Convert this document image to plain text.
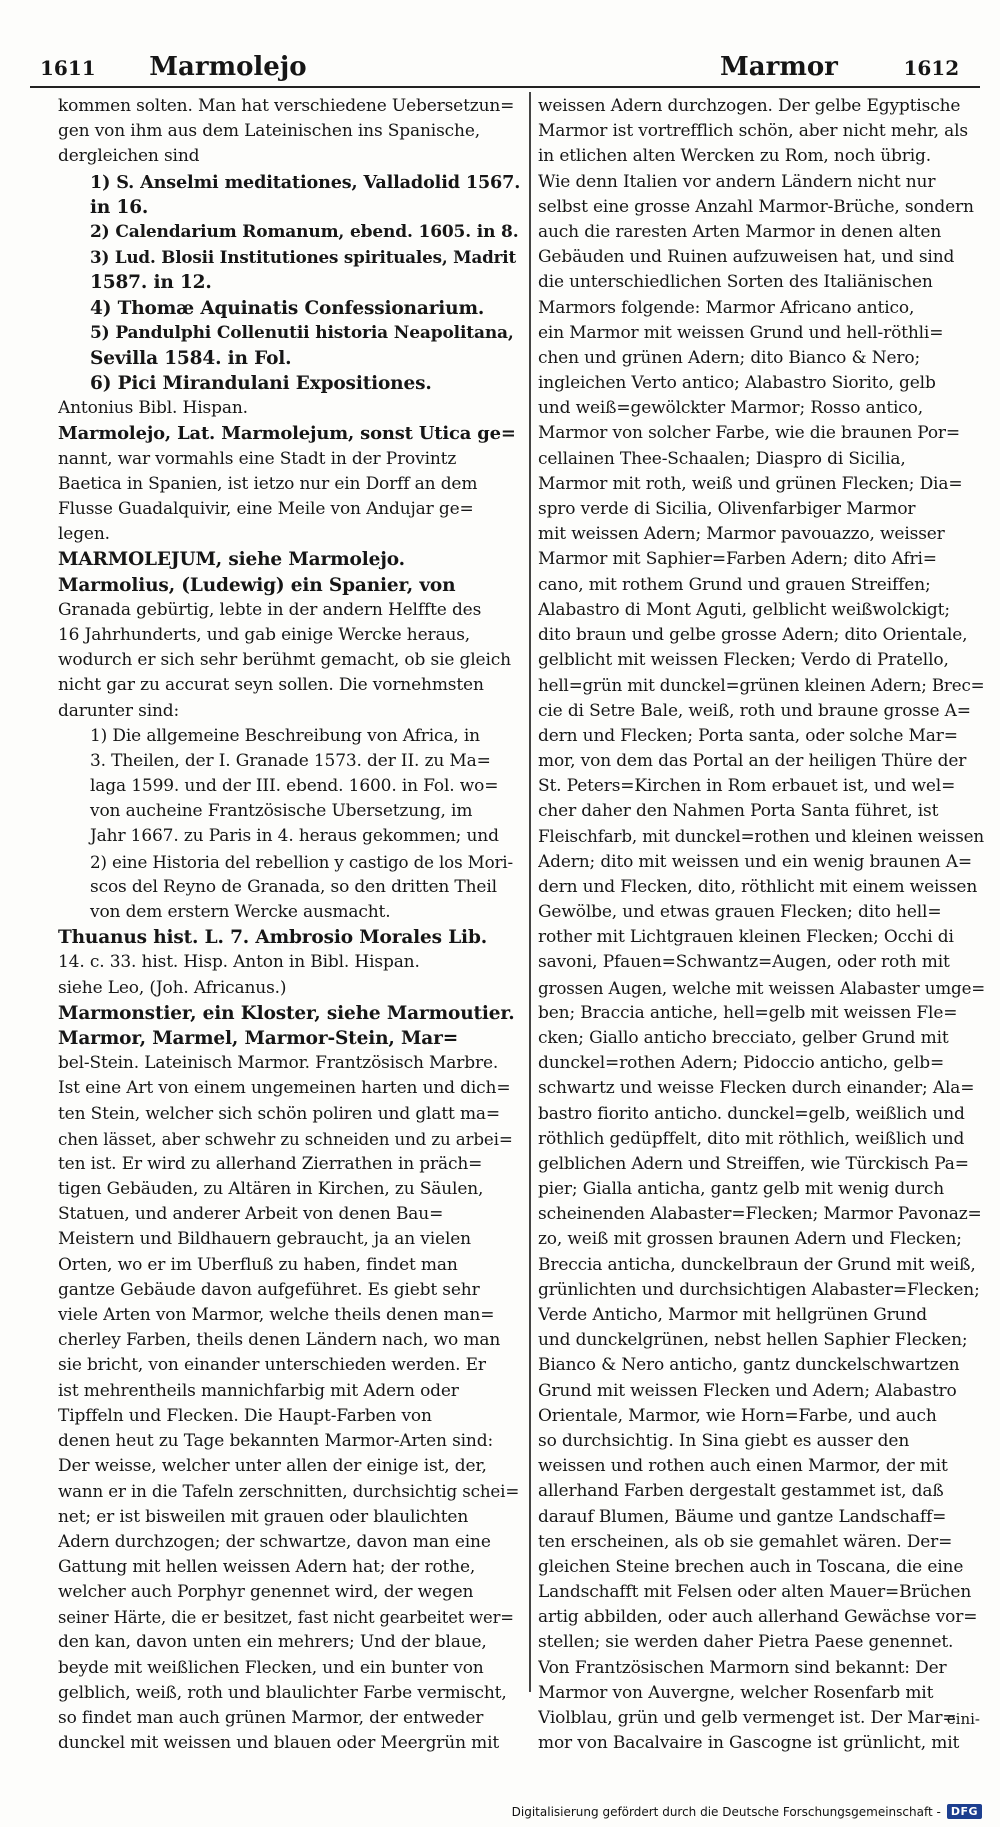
1611 Marmolejo	Marmor	1612
kommen solten. Man hat verschiedene Uebersetzun=
gen von ihm aus dem Lateinischen ins Spanische,
dergleichen sind
1) S. Anselmi meditationes, Valladolid 1567.
in 16.
2) Calendarium Romanum, ebend. 1605. in 8.
3) Lud. Blosii Institutiones spirituales, Madrit
1587. in 12.
4) Thomæ Aquinatis Confessionarium.
5) Pandulphi Collenutii historia Neapolitana,
Sevilla 1584. in Fol.
6) Pici Mirandulani Expositiones.
Antonius Bibl. Hispan.
Marmolejo, Lat. Marmolejum, sonst Utica ge=
nannt, war vormahls eine Stadt in der Provintz
Baetica in Spanien, ist ietzo nur ein Dorff an dem
Flusse Guadalquivir, eine Meile von Andujar ge=
legen.
MARMOLEJUM, siehe Marmolejo.
Marmolius, (Ludewig) ein Spanier, von
Granada gebürtig, lebte in der andern Helffte des
16 Jahrhunderts, und gab einige Wercke heraus,
wodurch er sich sehr berühmt gemacht, ob sie gleich
nicht gar zu accurat seyn sollen. Die vornehmsten
darunter sind:
1) Die allgemeine Beschreibung von Africa, in
3. Theilen, der I. Granade 1573. der II. zu Ma=
laga 1599. und der III. ebend. 1600. in Fol. wo=
von aucheine Frantzösische Ubersetzung, im
Jahr 1667. zu Paris in 4. heraus gekommen; und
2) eine Historia del rebellion y castigo de los Mori-
scos del Reyno de Granada, so den dritten Theil
von dem erstern Wercke ausmacht.
Thuanus hist. L. 7. Ambrosio Morales Lib.
14. c. 33. hist. Hisp. Anton in Bibl. Hispan.
siehe Leo, (Joh. Africanus.)
Marmonstier, ein Kloster, siehe Marmoutier.
Marmor, Marmel, Marmor-Stein, Mar=
bel-Stein. Lateinisch Marmor. Frantzösisch Marbre.
Ist eine Art von einem ungemeinen harten und dich=
ten Stein, welcher sich schön poliren und glatt ma=
chen lässet, aber schwehr zu schneiden und zu arbei=
ten ist. Er wird zu allerhand Zierrathen in präch=
tigen Gebäuden, zu Altären in Kirchen, zu Säulen,
Statuen, und anderer Arbeit von denen Bau=
Meistern und Bildhauern gebraucht, ja an vielen
Orten, wo er im Uberfluß zu haben, findet man
gantze Gebäude davon aufgeführet. Es giebt sehr
viele Arten von Marmor, welche theils denen man=
cherley Farben, theils denen Ländern nach, wo man
sie bricht, von einander unterschieden werden. Er
ist mehrentheils mannichfarbig mit Adern oder
Tipffeln und Flecken. Die Haupt-Farben von
denen heut zu Tage bekannten Marmor-Arten sind:
Der weisse, welcher unter allen der einige ist, der,
wann er in die Tafeln zerschnitten, durchsichtig schei=
net; er ist bisweilen mit grauen oder blaulichten
Adern durchzogen; der schwartze, davon man eine
Gattung mit hellen weissen Adern hat; der rothe,
welcher auch Porphyr genennet wird, der wegen
seiner Härte, die er besitzet, fast nicht gearbeitet wer=
den kan, davon unten ein mehrers; Und der blaue,
beyde mit weißlichen Flecken, und ein bunter von
gelblich, weiß, roth und blaulichter Farbe vermischt,
so findet man auch grünen Marmor, der entweder
dunckel mit weissen und blauen oder Meergrün mit
weissen Adern durchzogen. Der gelbe Egyptische
Marmor ist vortrefflich schön, aber nicht mehr, als
in etlichen alten Wercken zu Rom, noch übrig.
Wie denn Italien vor andern Ländern nicht nur
selbst eine grosse Anzahl Marmor-Brüche, sondern
auch die raresten Arten Marmor in denen alten
Gebäuden und Ruinen aufzuweisen hat, und sind
die unterschiedlichen Sorten des Italiänischen
Marmors folgende: Marmor Africano antico,
ein Marmor mit weissen Grund und hell-röthli=
chen und grünen Adern; dito Bianco & Nero;
ingleichen Verto antico; Alabastro Siorito, gelb
und weiß=gewölckter Marmor; Rosso antico,
Marmor von solcher Farbe, wie die braunen Por=
cellainen Thee-Schaalen; Diaspro di Sicilia,
Marmor mit roth, weiß und grünen Flecken; Dia=
spro verde di Sicilia, Olivenfarbiger Marmor
mit weissen Adern; Marmor pavouazzo, weisser
Marmor mit Saphier=Farben Adern; dito Afri=
cano, mit rothem Grund und grauen Streiffen;
Alabastro di Mont Aguti, gelblicht weißwolckigt;
dito braun und gelbe grosse Adern; dito Orientale,
gelblicht mit weissen Flecken; Verdo di Pratello,
hell=grün mit dunckel=grünen kleinen Adern; Brec=
cie di Setre Bale, weiß, roth und braune grosse A=
dern und Flecken; Porta santa, oder solche Mar=
mor, von dem das Portal an der heiligen Thüre der
St. Peters=Kirchen in Rom erbauet ist, und wel=
cher daher den Nahmen Porta Santa führet, ist
Fleischfarb, mit dunckel=rothen und kleinen weissen
Adern; dito mit weissen und ein wenig braunen A=
dern und Flecken, dito, röthlicht mit einem weissen
Gewölbe, und etwas grauen Flecken; dito hell=
rother mit Lichtgrauen kleinen Flecken; Occhi di
savoni, Pfauen=Schwantz=Augen, oder roth mit
grossen Augen, welche mit weissen Alabaster umge=
ben; Braccia antiche, hell=gelb mit weissen Fle=
cken; Giallo anticho brecciato, gelber Grund mit
dunckel=rothen Adern; Pidoccio anticho, gelb=
schwartz und weisse Flecken durch einander; Ala=
bastro fiorito anticho. dunckel=gelb, weißlich und
röthlich gedüpffelt, dito mit röthlich, weißlich und
gelblichen Adern und Streiffen, wie Türckisch Pa=
pier; Gialla anticha, gantz gelb mit wenig durch
scheinenden Alabaster=Flecken; Marmor Pavonaz=
zo, weiß mit grossen braunen Adern und Flecken;
Breccia anticha, dunckelbraun der Grund mit weiß,
grünlichten und durchsichtigen Alabaster=Flecken;
Verde Anticho, Marmor mit hellgrünen Grund
und dunckelgrünen, nebst hellen Saphier Flecken;
Bianco & Nero anticho, gantz dunckelschwartzen
Grund mit weissen Flecken und Adern; Alabastro
Orientale, Marmor, wie Horn=Farbe, und auch
so durchsichtig. In Sina giebt es ausser den
weissen und rothen auch einen Marmor, der mit
allerhand Farben dergestalt gestammet ist, daß
darauf Blumen, Bäume und gantze Landschaff=
ten erscheinen, als ob sie gemahlet wären. Der=
gleichen Steine brechen auch in Toscana, die eine
Landschafft mit Felsen oder alten Mauer=Brüchen
artig abbilden, oder auch allerhand Gewächse vor=
stellen; sie werden daher Pietra Paese genennet.
Von Frantzösischen Marmorn sind bekannt: Der
Marmor von Auvergne, welcher Rosenfarb mit
Violblau, grün und gelb vermenget ist. Der Mar=
mor von Bacalvaire in Gascogne ist grünlicht, mit
eini-
Digitalisierung gefördert durch die Deutsche Forschungsgemeinschaft - DFG
